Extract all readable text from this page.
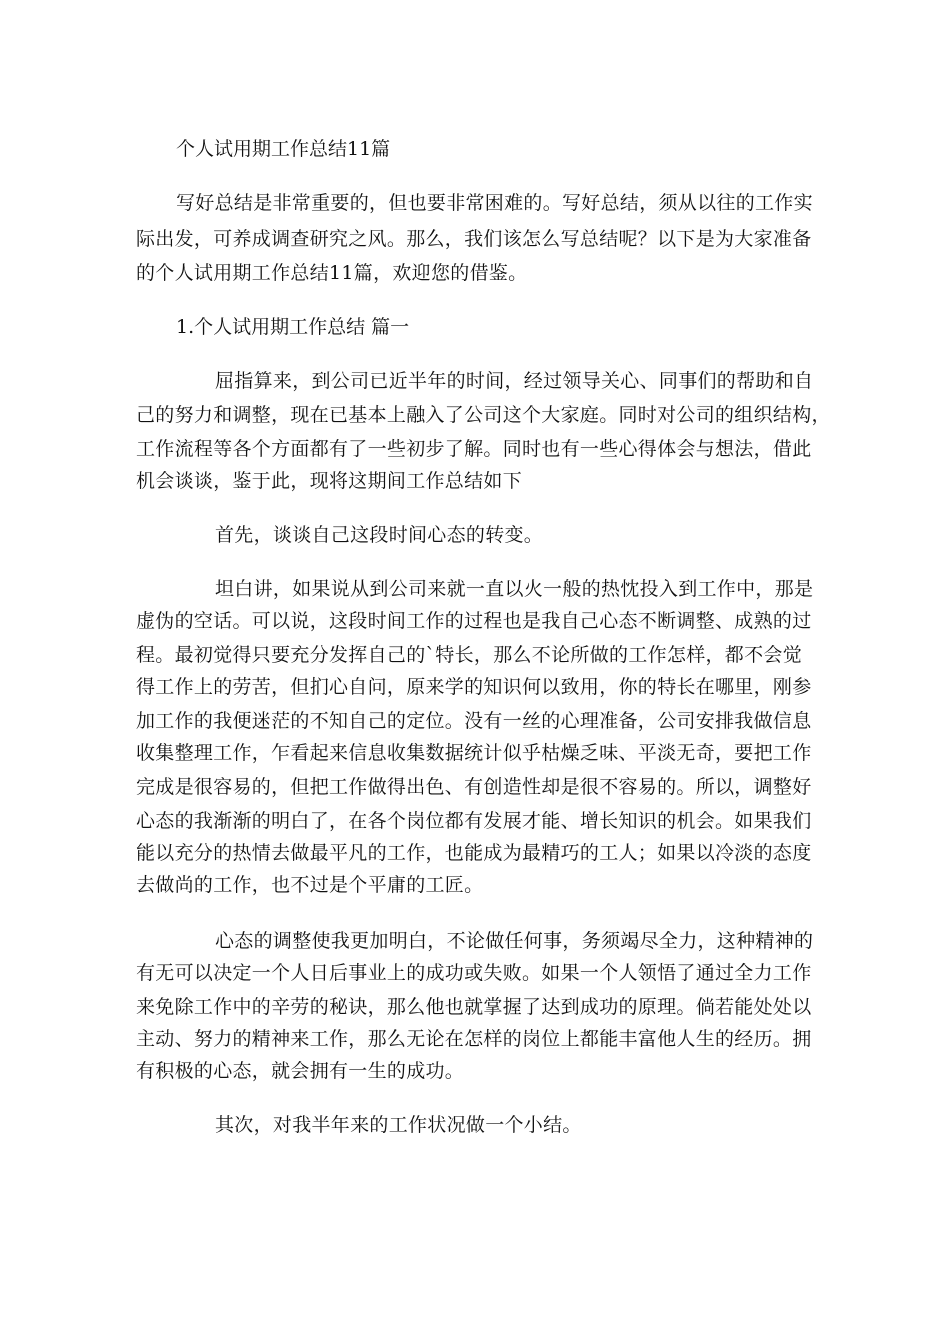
个人试用期工作总结11篇
写好总结是非常重要的，但也要非常困难的。写好总结，须从以往的工作实
际出发，可养成调查研究之风。那么，我们该怎么写总结呢？以下是为大家准备
的个人试用期工作总结11篇，欢迎您的借鉴。
1.个人试用期工作总结 篇一
屈指算来，到公司已近半年的时间，经过领导关心、同事们的帮助和自
己的努力和调整，现在已基本上融入了公司这个大家庭。同时对公司的组织结构，
工作流程等各个方面都有了一些初步了解。同时也有一些心得体会与想法，借此
机会谈谈，鉴于此，现将这期间工作总结如下
首先，谈谈自己这段时间心态的转变。
坦白讲，如果说从到公司来就一直以火一般的热忱投入到工作中，那是
虚伪的空话。可以说，这段时间工作的过程也是我自己心态不断调整、成熟的过
程。最初觉得只要充分发挥自己的`特长，那么不论所做的工作怎样，都不会觉
得工作上的劳苦，但扪心自问，原来学的知识何以致用，你的特长在哪里，刚参
加工作的我便迷茫的不知自己的定位。没有一丝的心理准备，公司安排我做信息
收集整理工作，乍看起来信息收集数据统计似乎枯燥乏味、平淡无奇，要把工作
完成是很容易的，但把工作做得出色、有创造性却是很不容易的。所以，调整好
心态的我渐渐的明白了，在各个岗位都有发展才能、增长知识的机会。如果我们
能以充分的热情去做最平凡的工作，也能成为最精巧的工人；如果以冷淡的态度
去做尚的工作，也不过是个平庸的工匠。
心态的调整使我更加明白，不论做任何事，务须竭尽全力，这种精神的
有无可以决定一个人日后事业上的成功或失败。如果一个人领悟了通过全力工作
来免除工作中的辛劳的秘诀，那么他也就掌握了达到成功的原理。倘若能处处以
主动、努力的精神来工作，那么无论在怎样的岗位上都能丰富他人生的经历。拥
有积极的心态，就会拥有一生的成功。
其次，对我半年来的工作状况做一个小结。
